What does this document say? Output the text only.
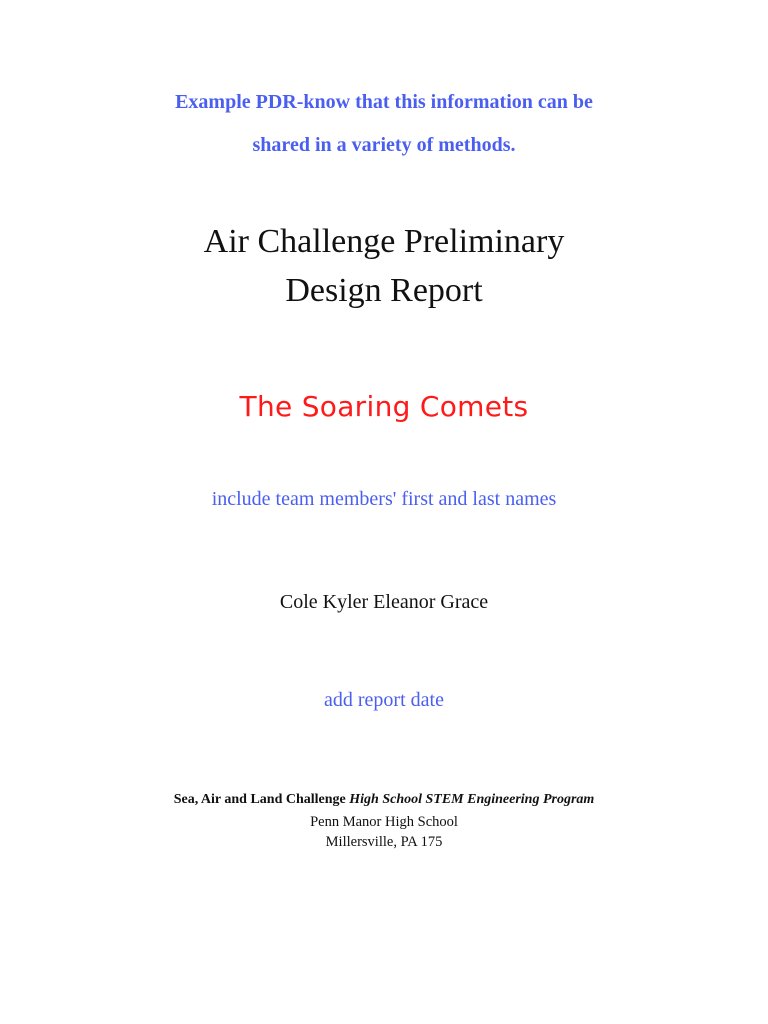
Example PDR-know that this information can be
shared in a variety of methods.
Air Challenge Preliminary
Design Report
The Soaring Comets
include team members' first and last names
Cole Kyler Eleanor Grace
add report date
Sea, Air and Land Challenge High School STEM Engineering Program
Penn Manor High School
Millersville, PA 175
